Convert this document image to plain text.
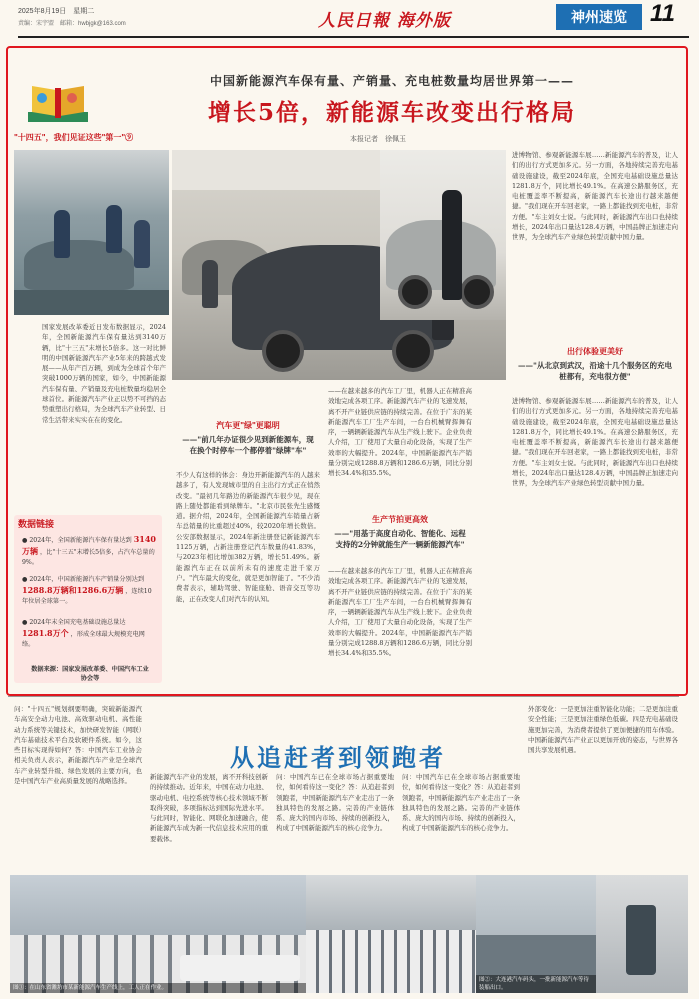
2025年8月19日　星期二
责编：宋宇盟　邮箱：hwbjgk@163.com	人民日報 海外版	神州速览 11
"十四五"，我们见证这些"第一"⑨
中国新能源汽车保有量、产销量、充电桩数量均居世界第一——
增长5倍，新能源车改变出行格局
本报记者　徐佩玉
国家发展改革委近日发布数据显示，2024年，全国新能源汽车保有量达到3140万辆，比"十三五"末增长5倍多。这一对比鲜明的中国新能源汽车产业5年来的跨越式发展——从年产百万辆，到成为全球首个年产突破1000万辆的国家，如今，中国新能源汽车保有量、产销量及充电桩数量均稳居全球首位。新能源汽车产业正以势不可挡的态势重塑出行格局，为全球汽车产业转型、日常生活带来实实在在的变化。
数据链接
● 2024年，全国新能源汽车保有量达到 3140万辆 ，比"十三五"末增长5倍多，占汽车总量的9%。
● 2024年，中国新能源汽车产销量分别达到 1288.8万辆和1286.6万辆 ，连续10年位居全球第一。
● 2024年末全国充电基础设施总量达 1281.8万个 ，形成全球最大规模充电网络。
数据来源：国家发展改革委、中国汽车工业协会等
汽车更"绿"更聪明
——"前几年办证很少见到新能源车，现在换个时停车一个都停着"绿牌"车"
不少人有这样的体会：身边开新能源汽车的人越来越多了，有人发现城市里的自主出行方式正在悄然改变。"最初几年路边的新能源汽车很少见，现在路上随处都能看到绿牌车。"北京市民张先生感慨道。据介绍，2024年，全国新能源汽车销量占新车总销量的比重超过40%，较2020年增长数倍。公安部数据显示，2024年新注册登记新能源汽车1125万辆，占新注册登记汽车数量的41.83%，与2023年相比增加382万辆，增长51.49%。新能源汽车正在以前所未有的速度走进千家万户。"汽车最大的变化，就是更加智能了。"不少消费者表示，辅助驾驶、智能座舱、语音交互等功能，正在改变人们对汽车的认知。
——在越来越多的汽车工厂里，机器人正在精准高效地完成各项工序。新能源汽车产业的飞速发展，离不开产业链供应链的持续完善。在位于广东的某新能源汽车工厂生产车间，一台台机械臂挥舞有序，一辆辆新能源汽车从生产线上驶下。企业负责人介绍，工厂使用了大量自动化设备，实现了生产效率的大幅提升。2024年，中国新能源汽车产销量分别完成1288.8万辆和1286.6万辆，同比分别增长34.4%和35.5%。
生产节拍更高效
——"用基于高度自动化、智能化、远程支持的2分钟就能生产一辆新能源汽车"
——在越来越多的汽车工厂里，机器人正在精准高效地完成各项工序。新能源汽车产业的飞速发展，离不开产业链供应链的持续完善。在位于广东的某新能源汽车工厂生产车间，一台台机械臂挥舞有序，一辆辆新能源汽车从生产线上驶下。企业负责人介绍，工厂使用了大量自动化设备，实现了生产效率的大幅提升。2024年，中国新能源汽车产销量分别完成1288.8万辆和1286.6万辆，同比分别增长34.4%和35.5%。
进博物馆、参观新能源车展……新能源汽车的普及，让人们的出行方式更加多元。另一方面，各地持续完善充电基础设施建设，截至2024年底，全国充电基础设施总量达1281.8万个，同比增长49.1%。在高速公路服务区，充电桩覆盖率不断提高，新能源汽车长途出行越来越便捷。"我们现在开车回老家，一路上都能找到充电桩，非常方便。"车主刘女士说。与此同时，新能源汽车出口也持续增长，2024年出口量达128.4万辆，中国品牌正加速走向世界，为全球汽车产业绿色转型贡献中国力量。
出行体验更美好
——"从北京到武汉，沿途十几个服务区的充电桩都有，充电很方便"
进博物馆、参观新能源车展……新能源汽车的普及，让人们的出行方式更加多元。另一方面，各地持续完善充电基础设施建设，截至2024年底，全国充电基础设施总量达1281.8万个，同比增长49.1%。在高速公路服务区，充电桩覆盖率不断提高，新能源汽车长途出行越来越便捷。"我们现在开车回老家，一路上都能找到充电桩，非常方便。"车主刘女士说。与此同时，新能源汽车出口也持续增长，2024年出口量达128.4万辆，中国品牌正加速走向世界，为全球汽车产业绿色转型贡献中国力量。
问："十四五"规划纲要明确，突破新能源汽车高安全动力电池、高效驱动电机、高性能动力系统等关键技术，加快研发智能（网联）汽车基础技术平台及软硬件系统。如今，这些目标实现得如何？答：中国汽车工业协会相关负责人表示，新能源汽车产业是全球汽车产业转型升级、绿色发展的主要方向，也是中国汽车产业高质量发展的战略选择。
从追赶者到领跑者
新能源汽车产业的发展，离不开科技创新的持续推动。近年来，中国在动力电池、驱动电机、电控系统等核心技术领域不断取得突破，多项指标达到国际先进水平。与此同时，智能化、网联化加速融合，使新能源汽车成为新一代信息技术应用的重要载体。
问：中国汽车已在全球市场占据重要地位，如何看待这一变化？答：从追赶者到领跑者，中国新能源汽车产业走出了一条独具特色的发展之路。完善的产业链体系、庞大的国内市场、持续的创新投入，构成了中国新能源汽车的核心竞争力。
问：中国汽车已在全球市场占据重要地位，如何看待这一变化？答：从追赶者到领跑者，中国新能源汽车产业走出了一条独具特色的发展之路。完善的产业链体系、庞大的国内市场、持续的创新投入，构成了中国新能源汽车的核心竞争力。
外部变化：一是更加注重智能化功能；二是更加注重安全性能；三是更加注重绿色低碳。四是充电基础设施更加完善，为消费者提供了更加便捷的用车体验。中国新能源汽车产业正以更加开放的姿态，与世界各国共享发展机遇。
图①：在山东省潍坊市某新能源汽车生产线上，工人正在作业。
图②：大连港汽车码头，一批新能源汽车等待装船出口。
